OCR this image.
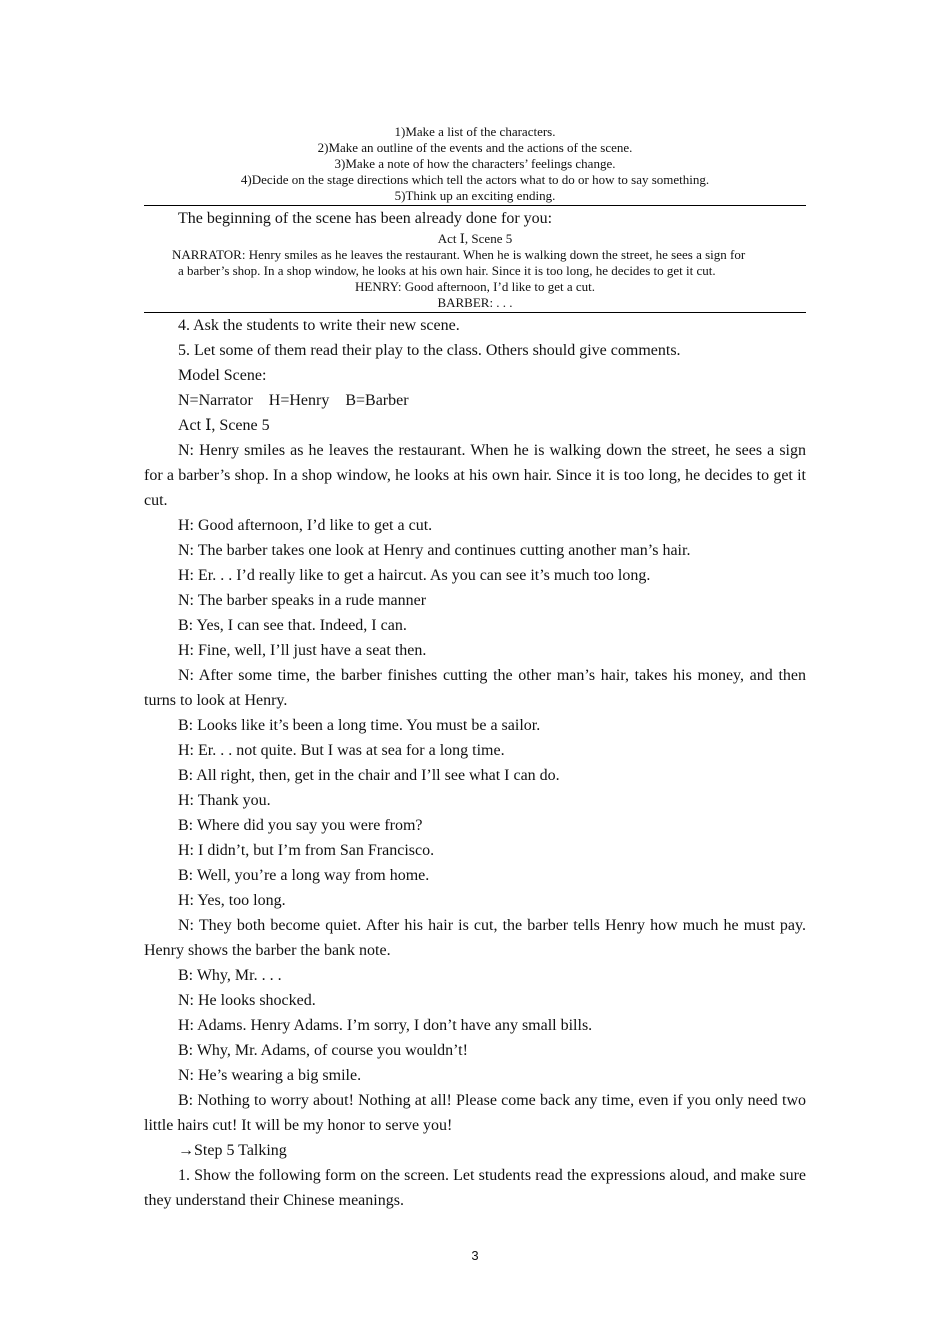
1)Make a list of the characters.
2)Make an outline of the events and the actions of the scene.
3)Make a note of how the characters’ feelings change.
4)Decide on the stage directions which tell the actors what to do or how to say something.
5)Think up an exciting ending.
The beginning of the scene has been already done for you:
Act Ⅰ, Scene 5
NARRATOR: Henry smiles as he leaves the restaurant. When he is walking down the street, he sees a sign for
a barber’s shop. In a shop window, he looks at his own hair. Since it is too long, he decides to get it cut.
HENRY: Good afternoon, I’d like to get a cut.
BARBER: . . .

4. Ask the students to write their new scene.

5. Let some of them read their play to the class. Others should give comments.

Model Scene:

N=Narrator    H=Henry    B=Barber

Act Ⅰ, Scene 5

N: Henry smiles as he leaves the restaurant. When he is walking down the street, he sees a sign for a barber’s shop. In a shop window, he looks at his own hair. Since it is too long, he decides to get it cut.

H: Good afternoon, I’d like to get a cut.

N: The barber takes one look at Henry and continues cutting another man’s hair.

H: Er. . . I’d really like to get a haircut. As you can see it’s much too long.

N: The barber speaks in a rude manner

B: Yes, I can see that. Indeed, I can.

H: Fine, well, I’ll just have a seat then.

N: After some time, the barber finishes cutting the other man’s hair, takes his money, and then turns to look at Henry.

B: Looks like it’s been a long time. You must be a sailor.

H: Er. . . not quite. But I was at sea for a long time.

B: All right, then, get in the chair and I’ll see what I can do.

H: Thank you.

B: Where did you say you were from?

H: I didn’t, but I’m from San Francisco.

B: Well, you’re a long way from home.

H: Yes, too long.

N: They both become quiet. After his hair is cut, the barber tells Henry how much he must pay. Henry shows the barber the bank note.

B: Why, Mr. . . .

N: He looks shocked.

H: Adams. Henry Adams. I’m sorry, I don’t have any small bills.

B: Why, Mr. Adams, of course you wouldn’t!

N: He’s wearing a big smile.

B: Nothing to worry about! Nothing at all! Please come back any time, even if you only need two little hairs cut! It will be my honor to serve you!

→Step 5 Talking

1. Show the following form on the screen. Let students read the expressions aloud, and make sure they understand their Chinese meanings.

3
